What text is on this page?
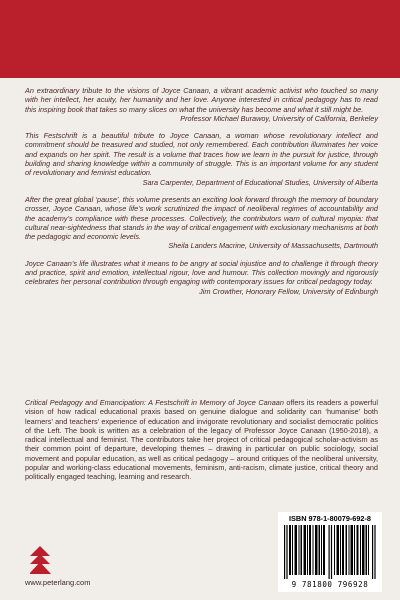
An extraordinary tribute to the visions of Joyce Canaan, a vibrant academic activist who touched so many with her intellect, her acuity, her humanity and her love. Anyone interested in critical pedagogy has to read this inspiring book that takes so many slices on what the university has become and what it still might be.

Professor Michael Burawoy, University of California, Berkeley

This Festschrift is a beautiful tribute to Joyce Canaan, a woman whose revolutionary intellect and commitment should be treasured and studied, not only remembered. Each contribution illuminates her voice and expands on her spirit. The result is a volume that traces how we learn in the pursuit for justice, through building and sharing knowledge within a community of struggle. This is an important volume for any student of revolutionary and feminist education.

Sara Carpenter, Department of Educational Studies, University of Alberta

After the great global ‘pause’, this volume presents an exciting look forward through the memory of boundary crosser, Joyce Canaan, whose life’s work scrutinized the impact of neoliberal regimes of accountability and the academy’s compliance with these processes. Collectively, the contributors warn of cultural myopia: that cultural near-sightedness that stands in the way of critical engagement with exclusionary mechanisms at both the pedagogic and economic levels.

Sheila Landers Macrine, University of Massachusetts, Dartmouth

Joyce Canaan’s life illustrates what it means to be angry at social injustice and to challenge it through theory and practice, spirit and emotion, intellectual rigour, love and humour. This collection movingly and rigorously celebrates her personal contribution through engaging with contemporary issues for critical pedagogy today.

Jim Crowther, Honorary Fellow, University of Edinburgh

Critical Pedagogy and Emancipation: A Festschrift in Memory of Joyce Canaan offers its readers a powerful vision of how radical educational praxis based on genuine dialogue and solidarity can ‘humanise’ both learners’ and teachers’ experience of education and invigorate revolutionary and socialist democratic politics of the Left. The book is written as a celebration of the legacy of Professor Joyce Canaan (1950-2018), a radical intellectual and feminist. The contributors take her project of critical pedagogical scholar-activism as their common point of departure, developing themes – drawing in particular on public sociology, social movement and popular education, as well as critical pedagogy – around critiques of the neoliberal university, popular and working-class educational movements, feminism, anti-racism, climate justice, critical theory and politically engaged teaching, learning and research.

www.peterlang.com
ISBN 978-1-80079-692-8
9 781800 796928
